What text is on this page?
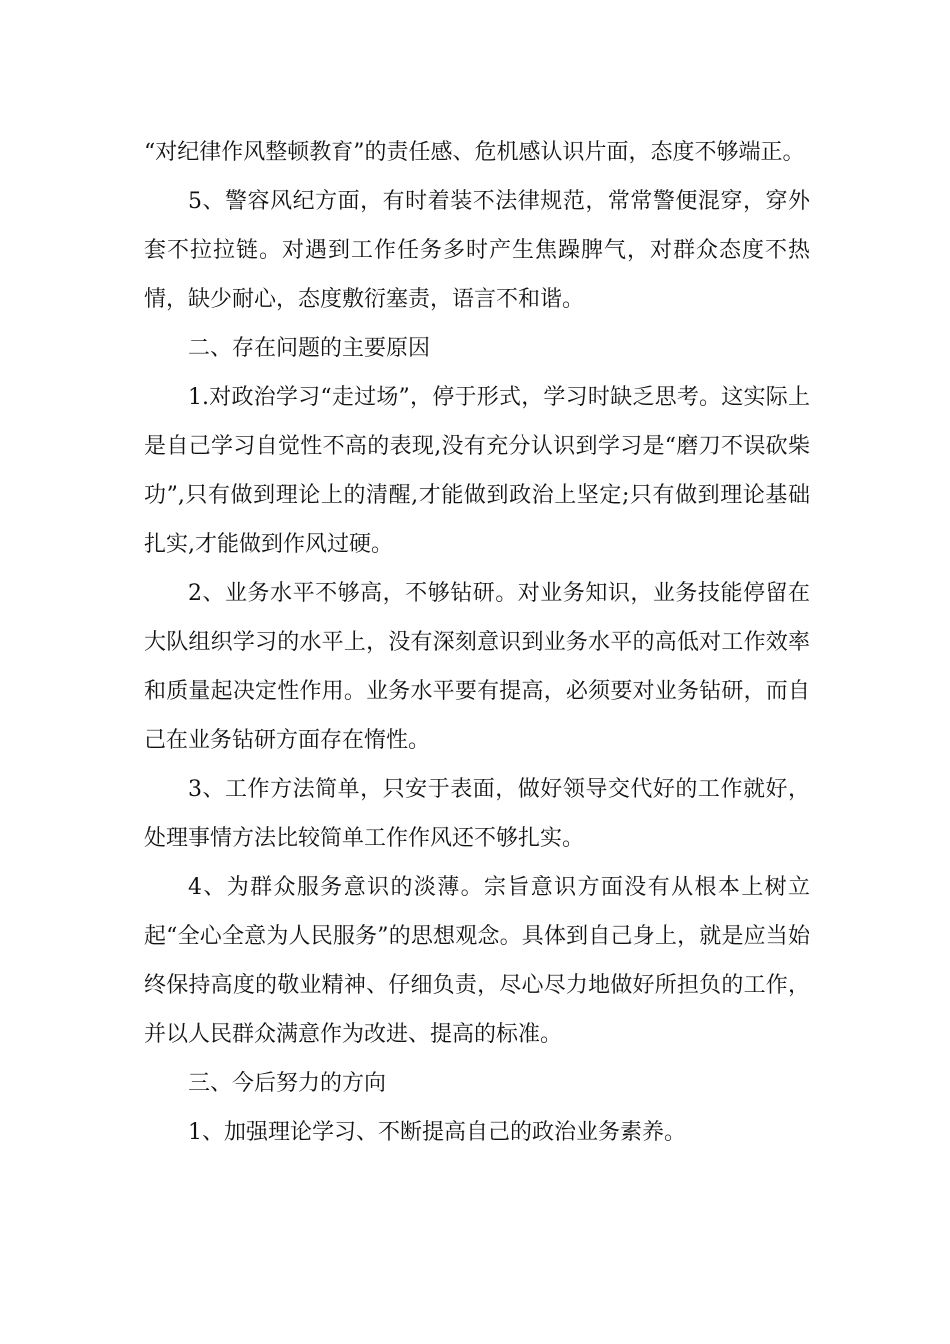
“对纪律作风整顿教育”的责任感、危机感认识片面，态度不够端正。

5、警容风纪方面，有时着装不法律规范，常常警便混穿，穿外套不拉拉链。对遇到工作任务多时产生焦躁脾气，对群众态度不热情，缺少耐心，态度敷衍塞责，语言不和谐。

二、存在问题的主要原因

1.对政治学习“走过场”，停于形式，学习时缺乏思考。这实际上是自己学习自觉性不高的表现,没有充分认识到学习是“磨刀不误砍柴功”,只有做到理论上的清醒,才能做到政治上坚定;只有做到理论基础扎实,才能做到作风过硬。

2、业务水平不够高，不够钻研。对业务知识，业务技能停留在大队组织学习的水平上，没有深刻意识到业务水平的高低对工作效率和质量起决定性作用。业务水平要有提高，必须要对业务钻研，而自己在业务钻研方面存在惰性。

3、工作方法简单，只安于表面，做好领导交代好的工作就好，处理事情方法比较简单工作作风还不够扎实。

4、为群众服务意识的淡薄。宗旨意识方面没有从根本上树立起“全心全意为人民服务”的思想观念。具体到自己身上，就是应当始终保持高度的敬业精神、仔细负责，尽心尽力地做好所担负的工作，并以人民群众满意作为改进、提高的标准。

三、今后努力的方向

1、加强理论学习、不断提高自己的政治业务素养。
